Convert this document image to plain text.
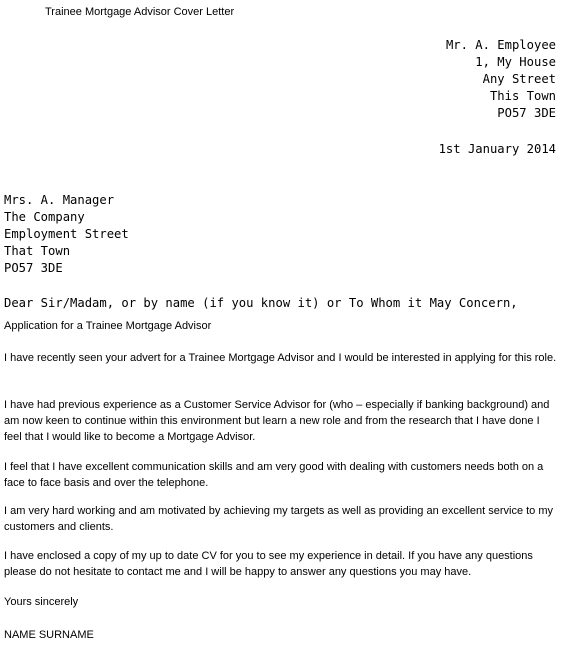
Trainee Mortgage Advisor Cover Letter
Mr. A. Employee
1, My House
Any Street
This Town
PO57 3DE
1st January 2014
Mrs. A. Manager
The Company
Employment Street
That Town
PO57 3DE
Dear Sir/Madam, or by name (if you know it) or To Whom it May Concern,
Application for a Trainee Mortgage Advisor

I have recently seen your advert for a Trainee Mortgage Advisor and I would be interested in applying for this role.

I have had previous experience as a Customer Service Advisor for (who – especially if banking background) and am now keen to continue within this environment but learn a new role and from the research that I have done I feel that I would like to become a Mortgage Advisor.

I feel that I have excellent communication skills and am very good with dealing with customers needs both on a face to face basis and over the telephone.

I am very hard working and am motivated by achieving my targets as well as providing an excellent service to my customers and clients.

I have enclosed a copy of my up to date CV for you to see my experience in detail. If you have any questions please do not hesitate to contact me and I will be happy to answer any questions you may have.

Yours sincerely
NAME SURNAME
